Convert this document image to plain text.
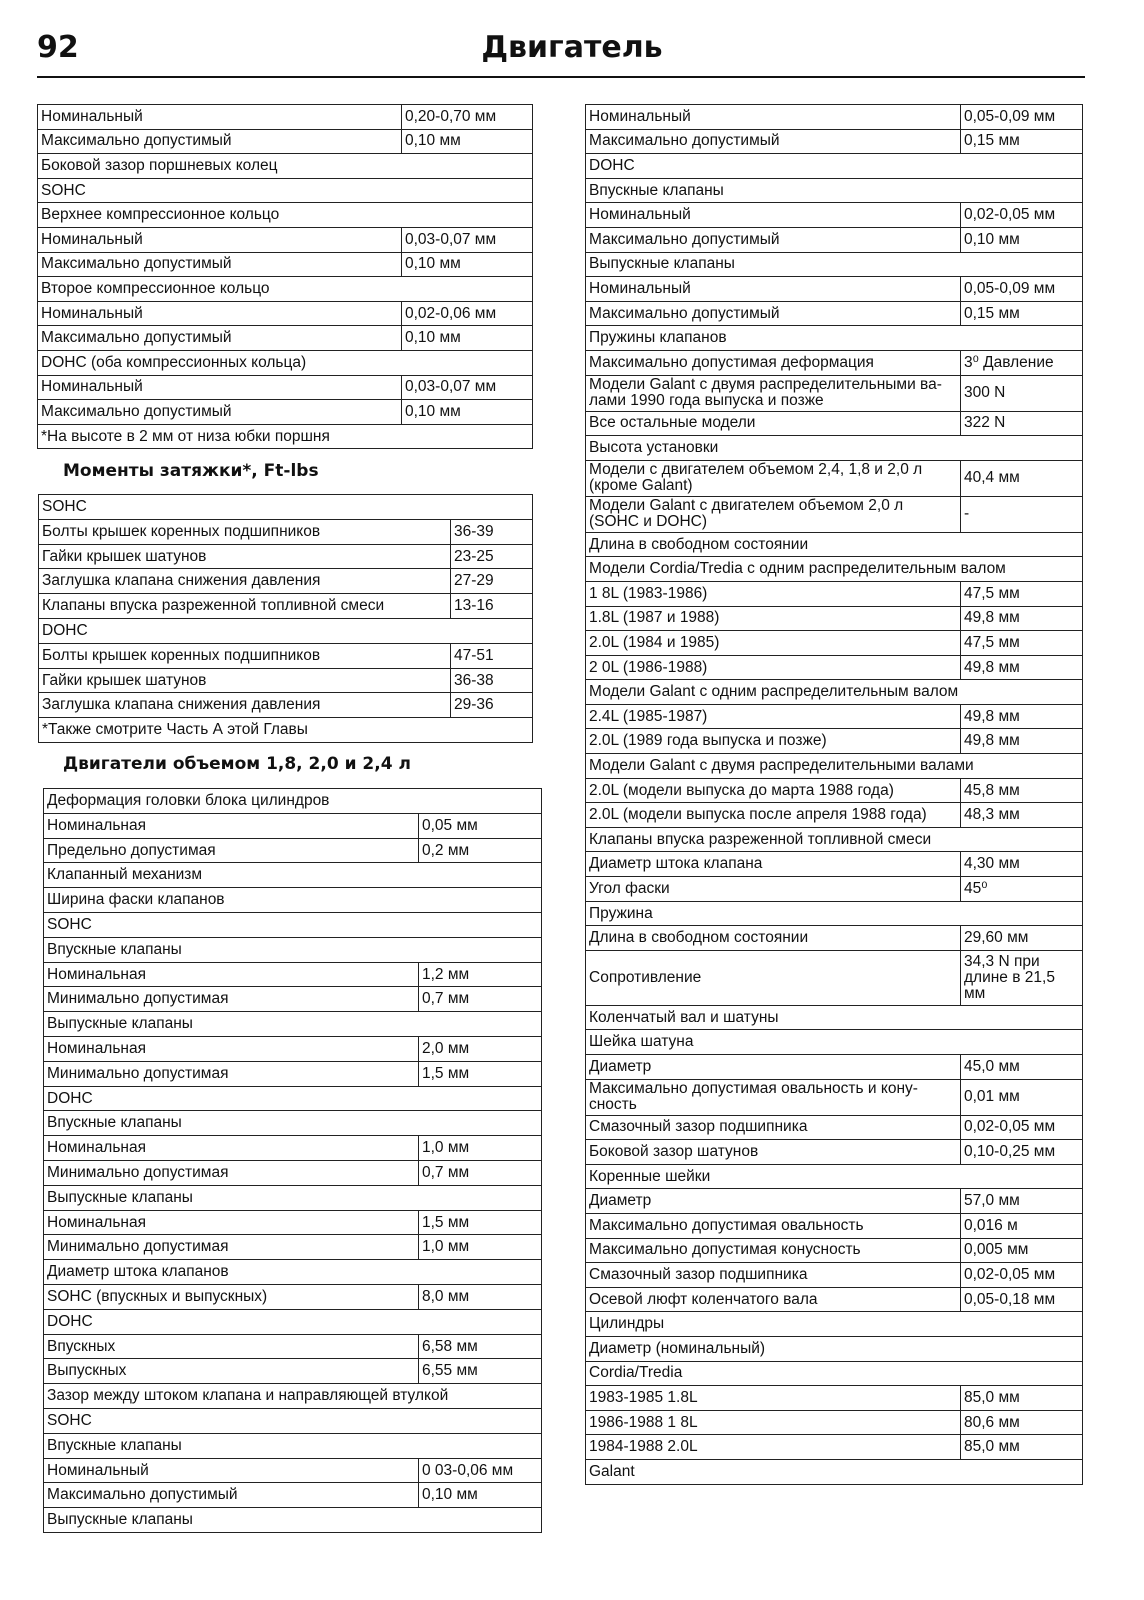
92	Двигатель
Номинальный	0,20-0,70 мм
Максимально допустимый	0,10 мм
Боковой зазор поршневых колец	
SOHC	
Верхнее компрессионное кольцо	
Номинальный	0,03-0,07 мм
Максимально допустимый	0,10 мм
Второе компрессионное кольцо	
Номинальный	0,02-0,06 мм
Максимально допустимый	0,10 мм
DOHC (оба компрессионных кольца)	
Номинальный	0,03-0,07 мм
Максимально допустимый	0,10 мм
*На высоте в 2 мм от низа юбки поршня	
Моменты затяжки*, Ft-lbs
SOHC	
Болты крышек коренных подшипников	36-39
Гайки крышек шатунов	23-25
Заглушка клапана снижения давления	27-29
Клапаны впуска разреженной топливной смеси	13-16
DOHC	
Болты крышек коренных подшипников	47-51
Гайки крышек шатунов	36-38
Заглушка клапана снижения давления	29-36
*Также смотрите Часть А этой Главы	
Двигатели объемом 1,8, 2,0 и 2,4 л
Деформация головки блока цилиндров	
Номинальная	0,05 мм
Предельно допустимая	0,2 мм
Клапанный механизм	
Ширина фаски клапанов	
SOHC	
Впускные клапаны	
Номинальная	1,2 мм
Минимально допустимая	0,7 мм
Выпускные клапаны	
Номинальная	2,0 мм
Минимально допустимая	1,5 мм
DOHC	
Впускные клапаны	
Номинальная	1,0 мм
Минимально допустимая	0,7 мм
Выпускные клапаны	
Номинальная	1,5 мм
Минимально допустимая	1,0 мм
Диаметр штока клапанов	
SOHC (впускных и выпускных)	8,0 мм
DOHC	
Впускных	6,58 мм
Выпускных	6,55 мм
Зазор между штоком клапана и направляющей втулкой	
SOHC	
Впускные клапаны	
Номинальный	0 03-0,06 мм
Максимально допустимый	0,10 мм
Выпускные клапаны	
Номинальный	0,05-0,09 мм
Максимально допустимый	0,15 мм
DOHC	
Впускные клапаны	
Номинальный	0,02-0,05 мм
Максимально допустимый	0,10 мм
Выпускные клапаны	
Номинальный	0,05-0,09 мм
Максимально допустимый	0,15 мм
Пружины клапанов	
Максимально допустимая деформация	3⁰ Давление
Модели Galant с двумя распределительными ва-лами 1990 года выпуска и позже	300 N
Все остальные модели	322 N
Высота установки	
Модели с двигателем объемом 2,4, 1,8 и 2,0 л (кроме Galant)	40,4 мм
Модели Galant с двигателем объемом 2,0 л (SOHC и DOHC)	-
Длина в свободном состоянии	
Модели Cordia/Tredia с одним распределительным валом	
1 8L (1983-1986)	47,5 мм
1.8L (1987 и 1988)	49,8 мм
2.0L (1984 и 1985)	47,5 мм
2 0L (1986-1988)	49,8 мм
Модели Galant с одним распределительным валом	
2.4L (1985-1987)	49,8 мм
2.0L (1989 года выпуска и позже)	49,8 мм
Модели Galant с двумя распределительными валами	
2.0L (модели выпуска до марта 1988 года)	45,8 мм
2.0L (модели выпуска после апреля 1988 года)	48,3 мм
Клапаны впуска разреженной топливной смеси	
Диаметр штока клапана	4,30 мм
Угол фаски	45⁰
Пружина	
Длина в свободном состоянии	29,60 мм
Сопротивление	34,3 N при длине в 21,5 мм
Коленчатый вал и шатуны	
Шейка шатуна	
Диаметр	45,0 мм
Максимально допустимая овальность и кону-сность	0,01 мм
Смазочный зазор подшипника	0,02-0,05 мм
Боковой зазор шатунов	0,10-0,25 мм
Коренные шейки	
Диаметр	57,0 мм
Максимально допустимая овальность	0,016 м
Максимально допустимая конусность	0,005 мм
Смазочный зазор подшипника	0,02-0,05 мм
Осевой люфт коленчатого вала	0,05-0,18 мм
Цилиндры	
Диаметр (номинальный)	
Cordia/Tredia	
1983-1985 1.8L	85,0 мм
1986-1988 1 8L	80,6 мм
1984-1988 2.0L	85,0 мм
Galant	
